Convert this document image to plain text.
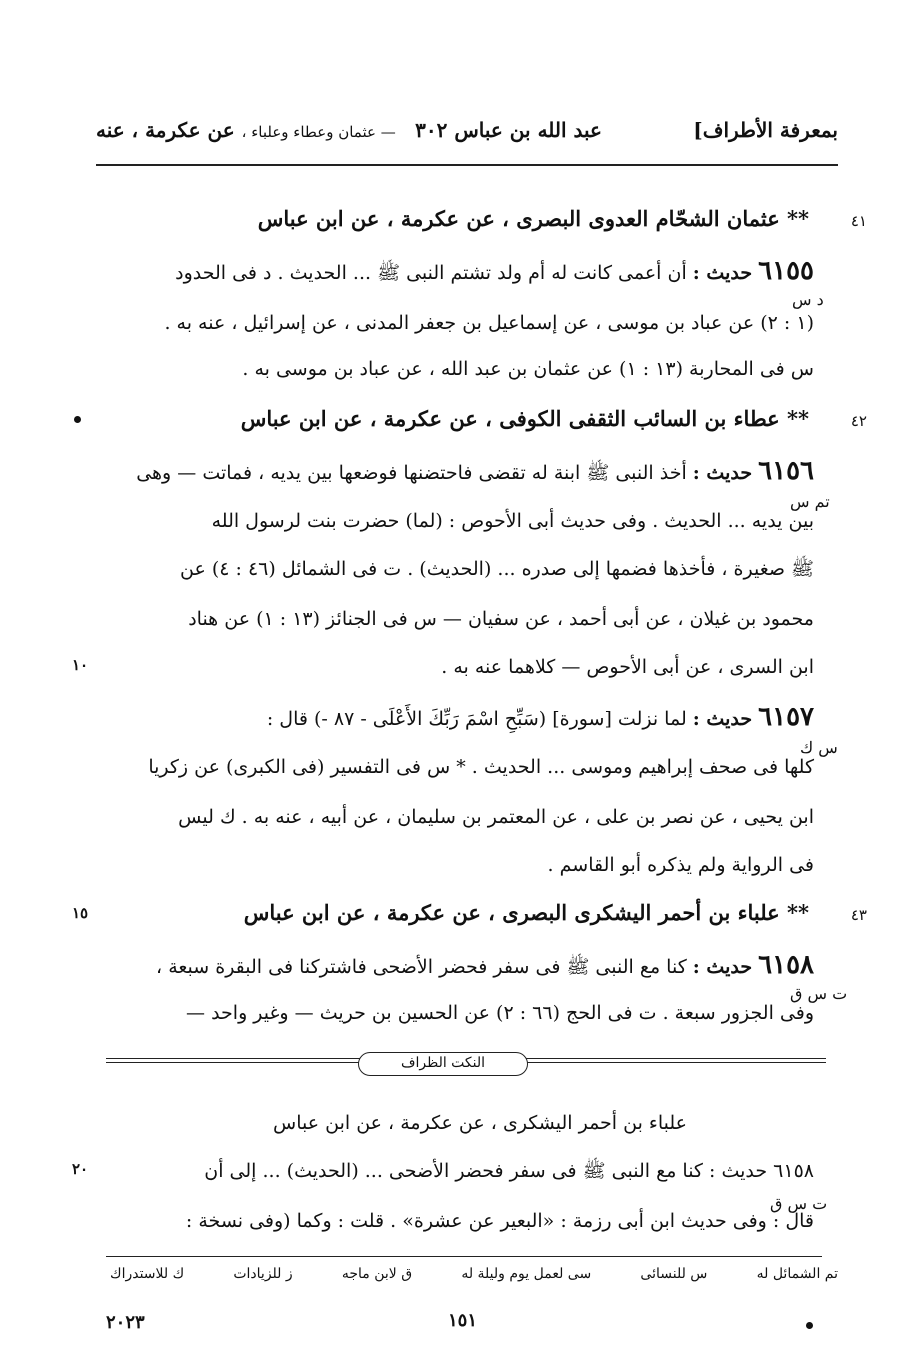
بمعرفة الأطراف]
عبد الله بن عباس ٣٠٢
— عثمان وعطاء وعلباء ، عن عكرمة ، عنه
٤١
** عثمان الشحّام العدوى البصرى ، عن عكرمة ، عن ابن عباس
٦١٥٥ حديث : أن أعمى كانت له أم ولد تشتم النبى ﷺ ... الحديث . د فى الحدود
د س
(١ : ٢) عن عباد بن موسى ، عن إسماعيل بن جعفر المدنى ، عن إسرائيل ، عنه به .
س فى المحاربة (١٣ : ١) عن عثمان بن عبد الله ، عن عباد بن موسى به .
٤٢
** عطاء بن السائب الثقفى الكوفى ، عن عكرمة ، عن ابن عباس
٦١٥٦ حديث : أخذ النبى ﷺ ابنة له تقضى فاحتضنها فوضعها بين يديه ، فماتت — وهى
تم س
بين يديه ... الحديث . وفى حديث أبى الأحوص : (لما) حضرت بنت لرسول الله
ﷺ صغيرة ، فأخذها فضمها إلى صدره ... (الحديث) . ت فى الشمائل (٤٦ : ٤) عن
محمود بن غيلان ، عن أبى أحمد ، عن سفيان — س فى الجنائز (١٣ : ١) عن هناد
١٠	ابن السرى ، عن أبى الأحوص — كلاهما عنه به .
٦١٥٧ حديث : لما نزلت [سورة] (سَبِّحِ اسْمَ رَبِّكَ الأَعْلَى - ٨٧ -) قال :
س ك
كلها فى صحف إبراهيم وموسى ... الحديث . * س فى التفسير (فى الكبرى) عن زكريا
ابن يحيى ، عن نصر بن على ، عن المعتمر بن سليمان ، عن أبيه ، عنه به . ك ليس
فى الرواية ولم يذكره أبو القاسم .
١٥	٤٣
** علباء بن أحمر اليشكرى البصرى ، عن عكرمة ، عن ابن عباس
٦١٥٨ حديث : كنا مع النبى ﷺ فى سفر فحضر الأضحى فاشتركنا فى البقرة سبعة ،
ت س ق
وفى الجزور سبعة . ت فى الحج (٦٦ : ٢) عن الحسين بن حريث — وغير واحد —
النكت الظراف
علباء بن أحمر اليشكرى ، عن عكرمة ، عن ابن عباس
٢٠	٦١٥٨ حديث : كنا مع النبى ﷺ فى سفر فحضر الأضحى ... (الحديث) ... إلى أن
ت س ق
قال : وفى حديث ابن أبى رزمة : «البعير عن عشرة» . قلت : وكما (وفى نسخة :
تم الشمائل له
س للنسائى
سى لعمل يوم وليلة له
ق لابن ماجه
ز للزيادات
ك للاستدراك
١٥١
٢٠٢٣
